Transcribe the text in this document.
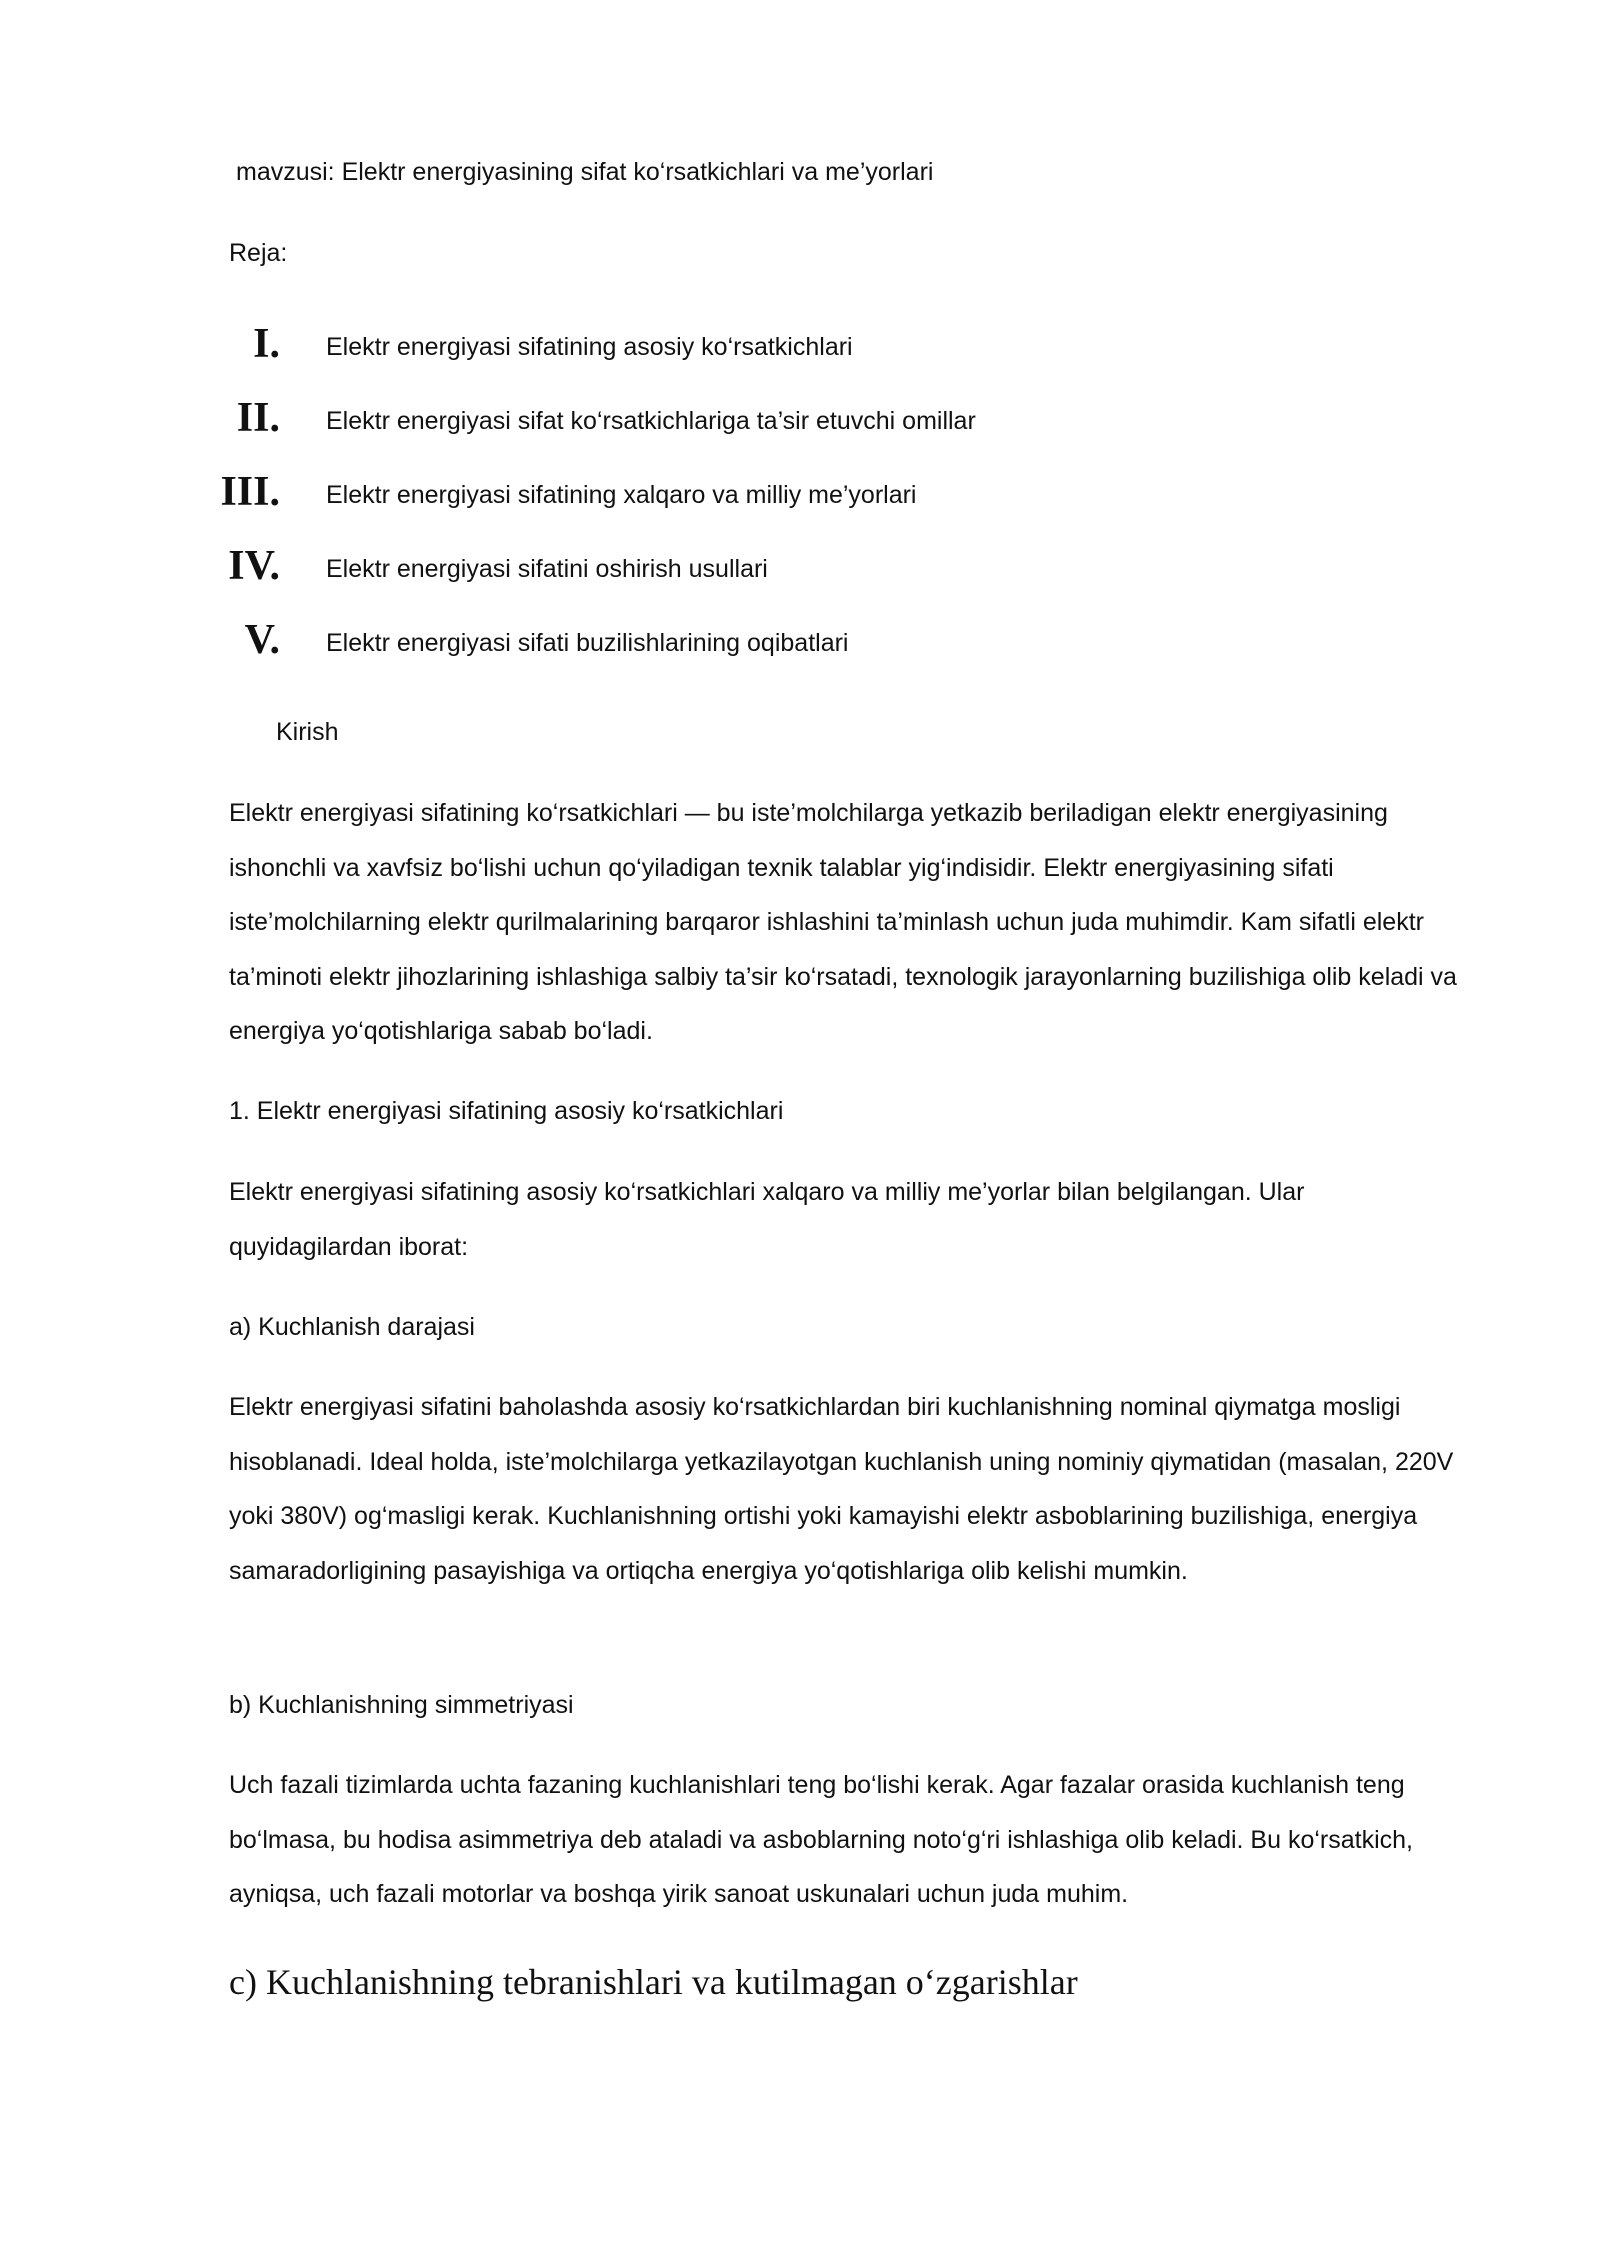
mavzusi: Elektr energiyasining sifat ko‘rsatkichlari va me’yorlari
Reja:
I. Elektr energiyasi sifatining asosiy ko‘rsatkichlari
II. Elektr energiyasi sifat ko‘rsatkichlariga ta’sir etuvchi omillar
III. Elektr energiyasi sifatining xalqaro va milliy me’yorlari
IV. Elektr energiyasi sifatini oshirish usullari
V. Elektr energiyasi sifati buzilishlarining oqibatlari
Kirish

Elektr energiyasi sifatining ko‘rsatkichlari — bu iste’molchilarga yetkazib beriladigan elektr energiyasining ishonchli va xavfsiz bo‘lishi uchun qo‘yiladigan texnik talablar yig‘indisidir. Elektr energiyasining sifati iste’molchilarning elektr qurilmalarining barqaror ishlashini ta’minlash uchun juda muhimdir. Kam sifatli elektr ta’minoti elektr jihozlarining ishlashiga salbiy ta’sir ko‘rsatadi, texnologik jarayonlarning buzilishiga olib keladi va energiya yo‘qotishlariga sabab bo‘ladi.

1. Elektr energiyasi sifatining asosiy ko‘rsatkichlari

Elektr energiyasi sifatining asosiy ko‘rsatkichlari xalqaro va milliy me’yorlar bilan belgilangan. Ular quyidagilardan iborat:

a) Kuchlanish darajasi

Elektr energiyasi sifatini baholashda asosiy ko‘rsatkichlardan biri kuchlanishning nominal qiymatga mosligi hisoblanadi. Ideal holda, iste’molchilarga yetkazilayotgan kuchlanish uning nominiy qiymatidan (masalan, 220V yoki 380V) og‘masligi kerak. Kuchlanishning ortishi yoki kamayishi elektr asboblarining buzilishiga, energiya samaradorligining pasayishiga va ortiqcha energiya yo‘qotishlariga olib kelishi mumkin.

b) Kuchlanishning simmetriyasi

Uch fazali tizimlarda uchta fazaning kuchlanishlari teng bo‘lishi kerak. Agar fazalar orasida kuchlanish teng bo‘lmasa, bu hodisa asimmetriya deb ataladi va asboblarning noto‘g‘ri ishlashiga olib keladi. Bu ko‘rsatkich, ayniqsa, uch fazali motorlar va boshqa yirik sanoat uskunalari uchun juda muhim.

c) Kuchlanishning tebranishlari va kutilmagan o‘zgarishlar
